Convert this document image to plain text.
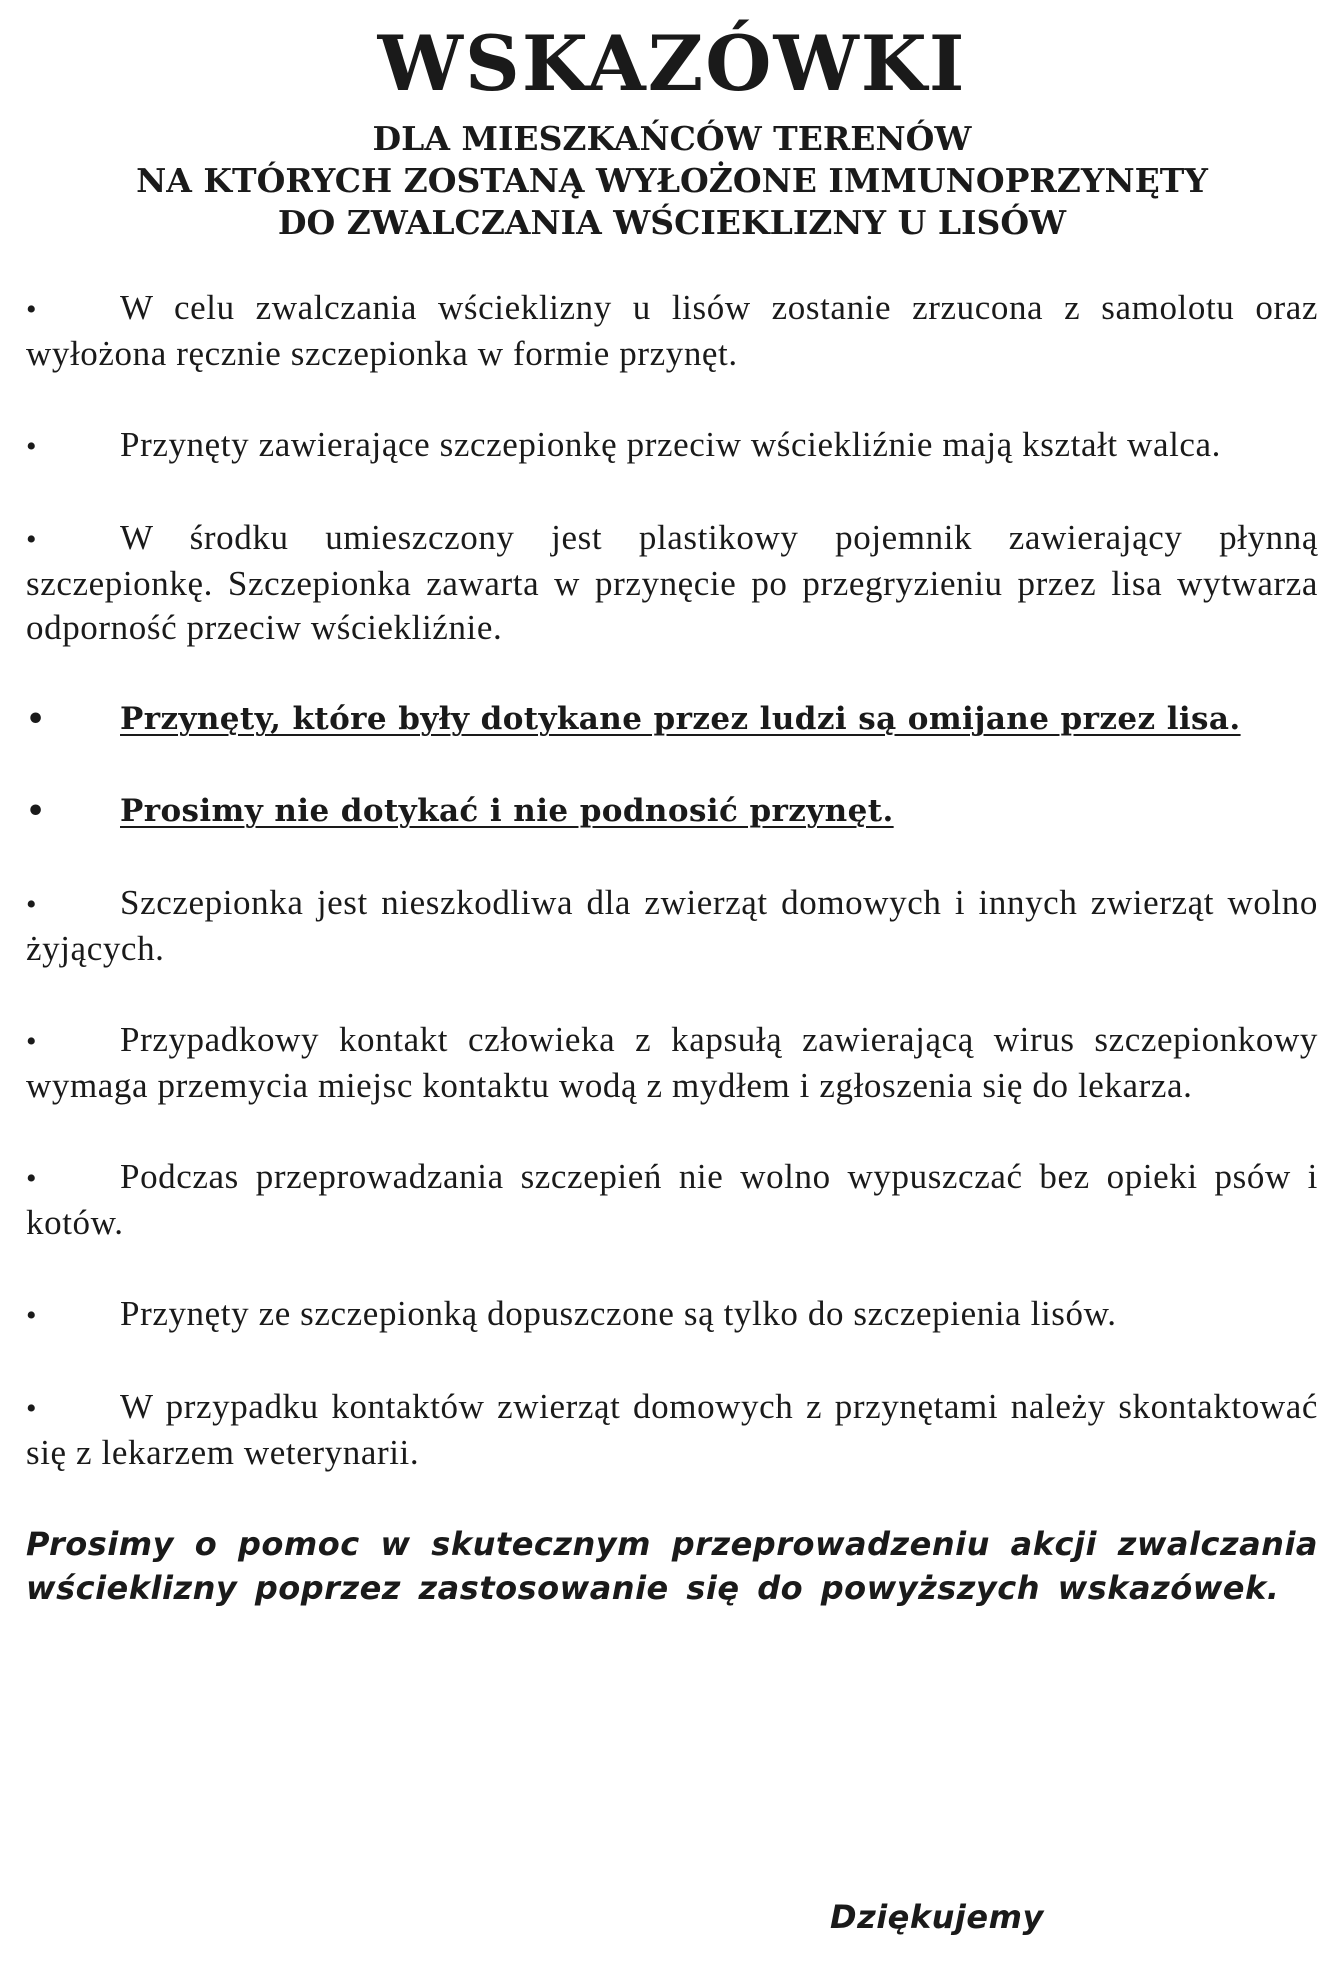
WSKAZÓWKI
DLA MIESZKAŃCÓW TERENÓW
NA KTÓRYCH ZOSTANĄ WYŁOŻONE IMMUNOPRZYNĘTY
DO ZWALCZANIA WŚCIEKLIZNY U LISÓW

• W celu zwalczania wścieklizny u lisów zostanie zrzucona z samolotu oraz wyłożona ręcznie szczepionka w formie przynęt.

• Przynęty zawierające szczepionkę przeciw wściekliźnie mają kształt walca.

• W środku umieszczony jest plastikowy pojemnik zawierający płynną szczepionkę. Szczepionka zawarta w przynęcie po przegryzieniu przez lisa wytwarza odporność przeciw wściekliźnie.

• Przynęty, które były dotykane przez ludzi są omijane przez lisa.

• Prosimy nie dotykać i nie podnosić przynęt.

• Szczepionka jest nieszkodliwa dla zwierząt domowych i innych zwierząt wolno żyjących.

• Przypadkowy kontakt człowieka z kapsułą zawierającą wirus szczepionkowy wymaga przemycia miejsc kontaktu wodą z mydłem i zgłoszenia się do lekarza.

• Podczas przeprowadzania szczepień nie wolno wypuszczać bez opieki psów i kotów.

• Przynęty ze szczepionką dopuszczone są tylko do szczepienia lisów.

• W przypadku kontaktów zwierząt domowych z przynętami należy skontaktować się z lekarzem weterynarii.

Prosimy o pomoc w skutecznym przeprowadzeniu akcji zwalczania wścieklizny poprzez zastosowanie się do powyższych wskazówek.

Dziękujemy
